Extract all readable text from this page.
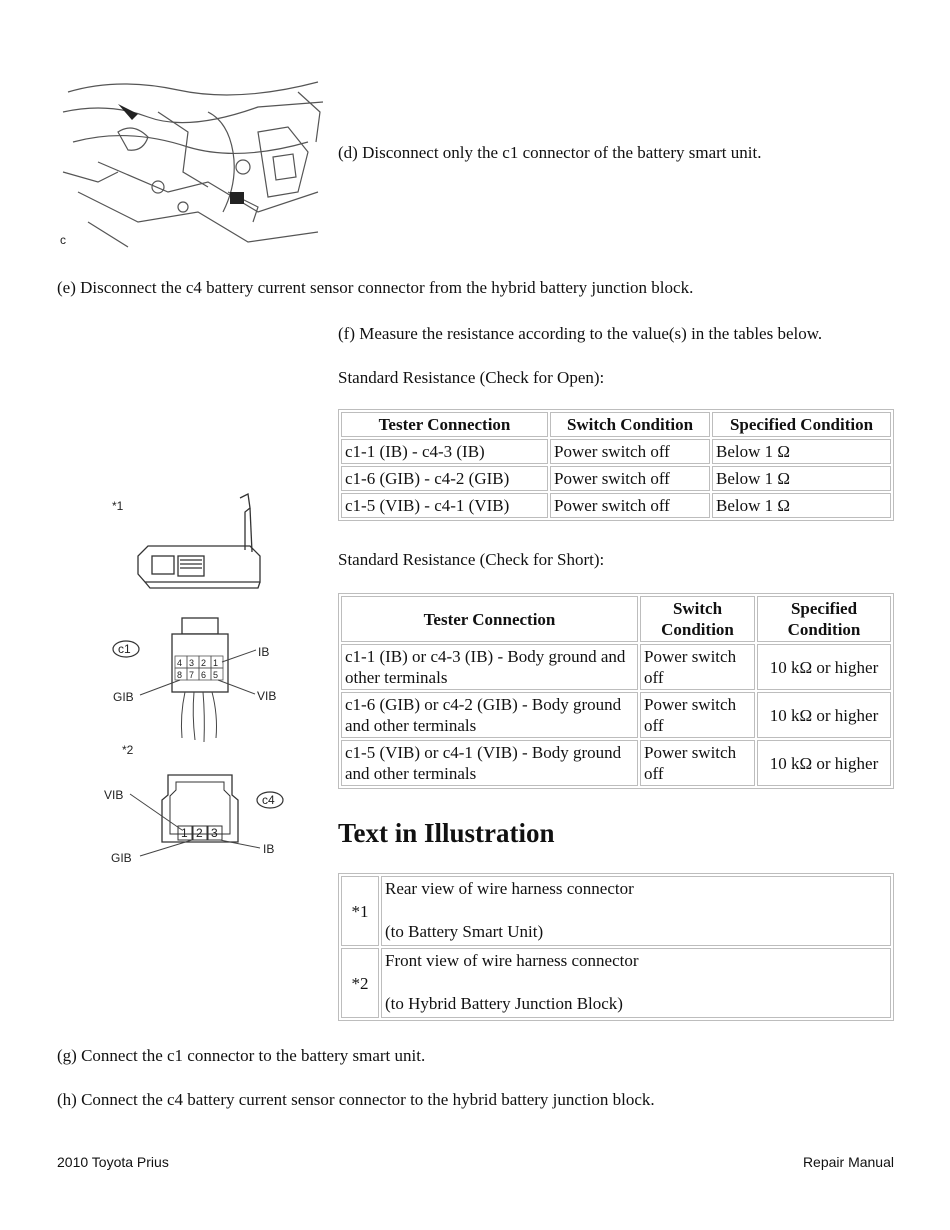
c
(d) Disconnect only the c1 connector of the battery smart unit.
(e) Disconnect the c4 battery current sensor connector from the hybrid battery junction block.
(f) Measure the resistance according to the value(s) in the tables below.
Standard Resistance (Check for Open):
Tester Connection	Switch Condition	Specified Condition
c1-1 (IB) - c4-3 (IB)	Power switch off	Below 1 Ω
c1-6 (GIB) - c4-2 (GIB)	Power switch off	Below 1 Ω
c1-5 (VIB) - c4-1 (VIB)	Power switch off	Below 1 Ω
Standard Resistance (Check for Short):
Tester Connection	Switch Condition	Specified Condition
c1-1 (IB) or c4-3 (IB) - Body ground and other terminals	Power switch off	10 kΩ or higher
c1-6 (GIB) or c4-2 (GIB) - Body ground and other terminals	Power switch off	10 kΩ or higher
c1-5 (VIB) or c4-1 (VIB) - Body ground and other terminals	Power switch off	10 kΩ or higher
*1
c1
4 3 2 1
8 7 6 5
IB
GIB	VIB
*2
c4
1 2 3
VIB
GIB
IB
Text in Illustration
*1	Rear view of wire harness connector
(to Battery Smart Unit)

*2	Front view of wire harness connector
(to Hybrid Battery Junction Block)
(g) Connect the c1 connector to the battery smart unit.
(h) Connect the c4 battery current sensor connector to the hybrid battery junction block.
2010 Toyota Prius	Repair Manual
